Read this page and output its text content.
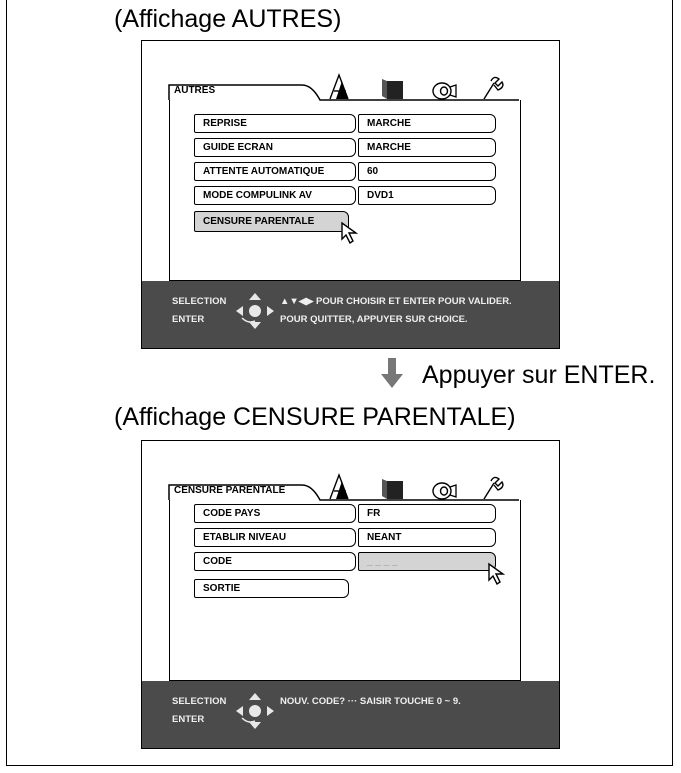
(Affichage AUTRES)
AUTRES
REPRISE	MARCHE
GUIDE ECRAN	MARCHE
ATTENTE AUTOMATIQUE	60
MODE COMPULINK AV	DVD1
CENSURE PARENTALE
SELECTION
ENTER
▲▼◀▶ POUR CHOISIR ET ENTER POUR VALIDER.
POUR QUITTER, APPUYER SUR CHOICE.
Appuyer sur ENTER.
(Affichage CENSURE PARENTALE)
CENSURE PARENTALE
CODE PAYS	FR
ETABLIR NIVEAU	NEANT
CODE	_ _ _ _
SORTIE
SELECTION
ENTER
NOUV. CODE? ··· SAISIR TOUCHE 0 ~ 9.
